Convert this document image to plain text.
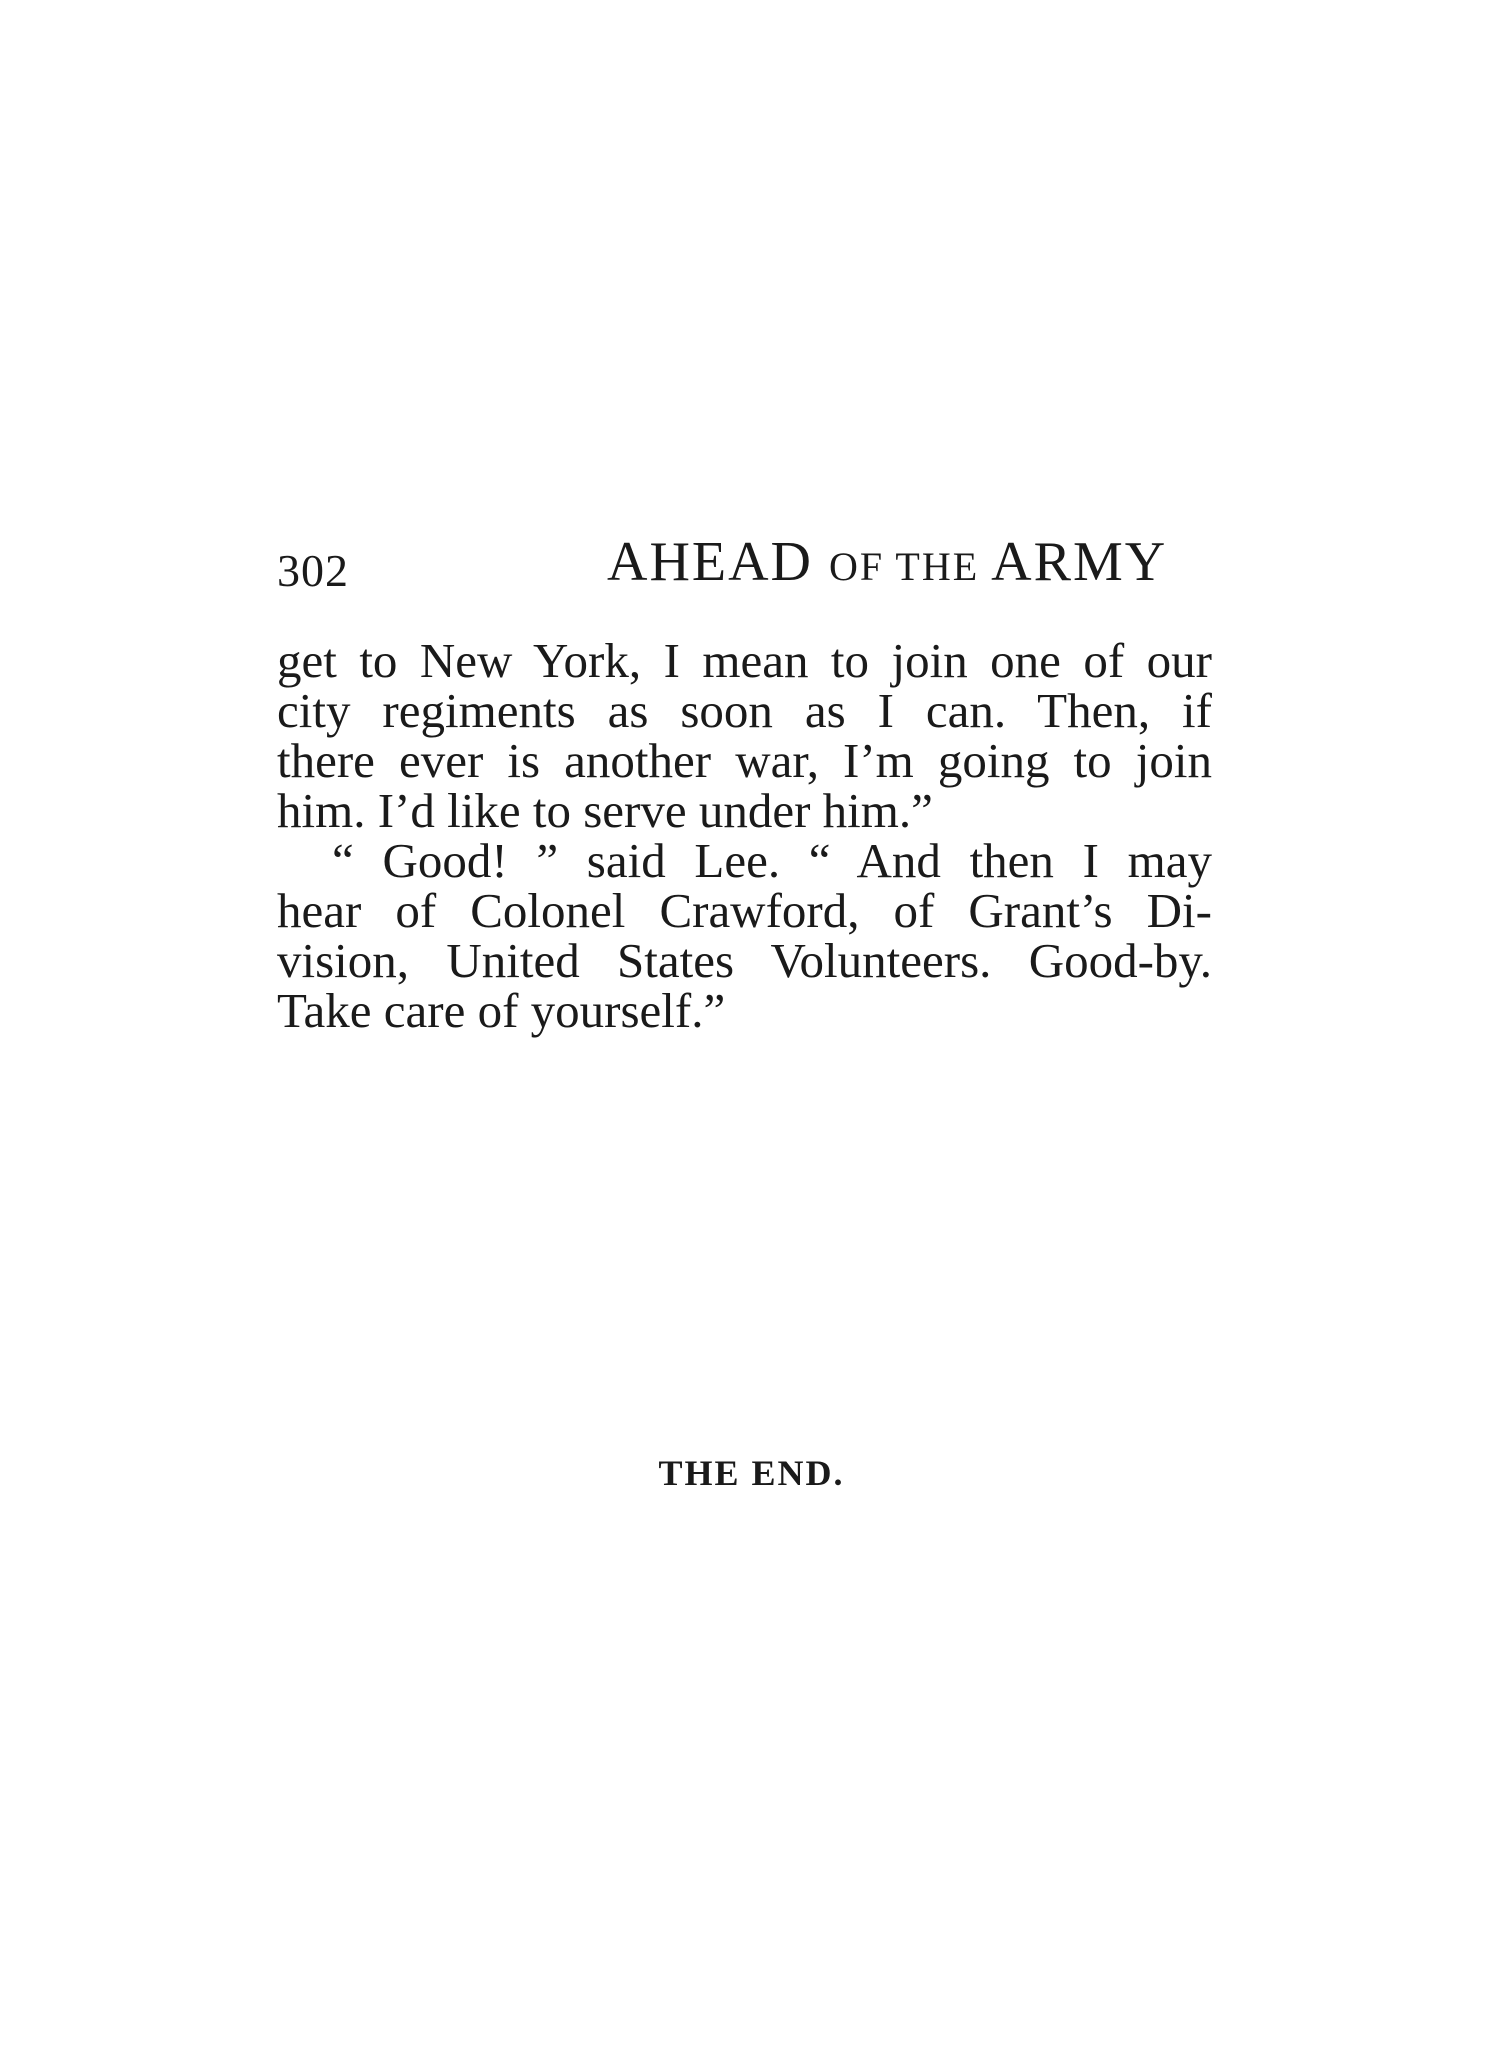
302	AHEAD OF THE ARMY
get to New York, I mean to join one of our
city regiments as soon as I can. Then, if
there ever is another war, I’m going to join
him. I’d like to serve under him.”
“ Good! ” said Lee. “ And then I may
hear of Colonel Crawford, of Grant’s Di-
vision, United States Volunteers. Good-by.
Take care of yourself.”
THE END.
